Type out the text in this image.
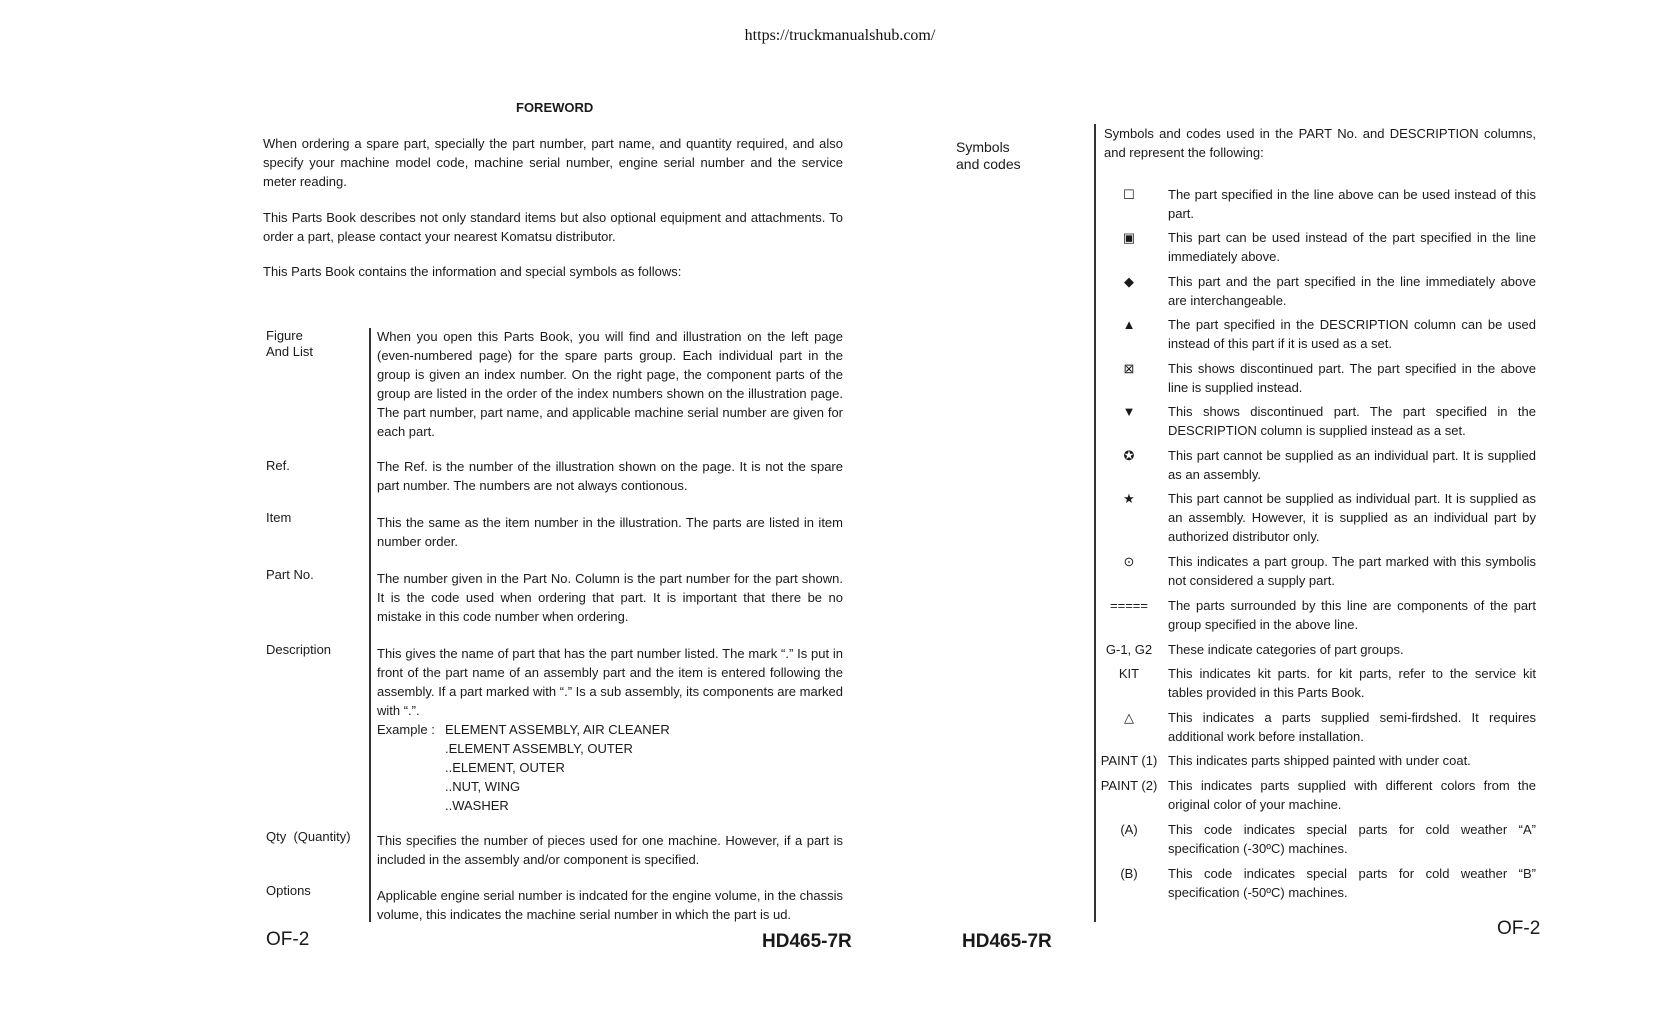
https://truckmanualshub.com/
FOREWORD
When ordering a spare part, specially the part number, part name, and quantity required, and also specify your machine model code, machine serial number, engine serial number and the service meter reading.
This Parts Book describes not only standard items but also optional equipment and attachments. To order a part, please contact your nearest Komatsu distributor.
This Parts Book contains the information and special symbols as follows:
Figure
And List
When you open this Parts Book, you will find and illustration on the left page (even-numbered page) for the spare parts group. Each individual part in the group is given an index number. On the right page, the component parts of the group are listed in the order of the index numbers shown on the illustration page. The part number, part name, and applicable machine serial number are given for each part.
Ref.	The Ref. is the number of the illustration shown on the page. It is not the spare part number. The numbers are not always contionous.
Item	This the same as the item number in the illustration. The parts are listed in item number order.
Part No.	The number given in the Part No. Column is the part number for the part shown. It is the code used when ordering that part. It is important that there be no mistake in this code number when ordering.
Description	This gives the name of part that has the part number listed. The mark “.” Is put in front of the part name of an assembly part and the item is entered following the assembly. If a part marked with “.” Is a sub assembly, its components are marked with “.”.
Example : ELEMENT ASSEMBLY, AIR CLEANER
.ELEMENT ASSEMBLY, OUTER
..ELEMENT, OUTER
..NUT, WING
..WASHER
Qty  (Quantity)	This specifies the number of pieces used for one machine. However, if a part is included in the assembly and/or component is specified.
Options	Applicable engine serial number is indcated for the engine volume, in the chassis volume, this indicates the machine serial number in which the part is ud.
OF-2	HD465-7R
Symbols
and codes
Symbols and codes used in the PART No. and DESCRIPTION columns, and represent the following:
☐	The part specified in the line above can be used instead of this part.
▣	This part can be used instead of the part specified in the line immediately above.
◆	This part and the part specified in the line immediately above are interchangeable.
▲	The part specified in the DESCRIPTION column can be used instead of this part if it is used as a set.
⊠	This shows discontinued part. The part specified in the above line is supplied instead.
▼	This shows discontinued part. The part specified in the DESCRIPTION column is supplied instead as a set.
✪	This part cannot be supplied as an individual part. It is supplied as an assembly.
★	This part cannot be supplied as individual part. It is supplied as an assembly. However, it is supplied as an individual part by authorized distributor only.
⊙	This indicates a part group. The part marked with this symbolis not considered a supply part.
=====	The parts surrounded by this line are components of the part group specified in the above line.
G-1, G2	These indicate categories of part groups.
KIT	This indicates kit parts. for kit parts, refer to the service kit tables provided in this Parts Book.
△	This indicates a parts supplied semi-firdshed. It requires additional work before installation.
PAINT (1) This indicates parts shipped painted with under coat.
PAINT (2) This indicates parts supplied with different colors from the original color of your machine.
(A)	This code indicates special parts for cold weather “A” specification (-30ºC) machines.
(B)	This code indicates special parts for cold weather “B” specification (-50ºC) machines.
HD465-7R
OF-2
